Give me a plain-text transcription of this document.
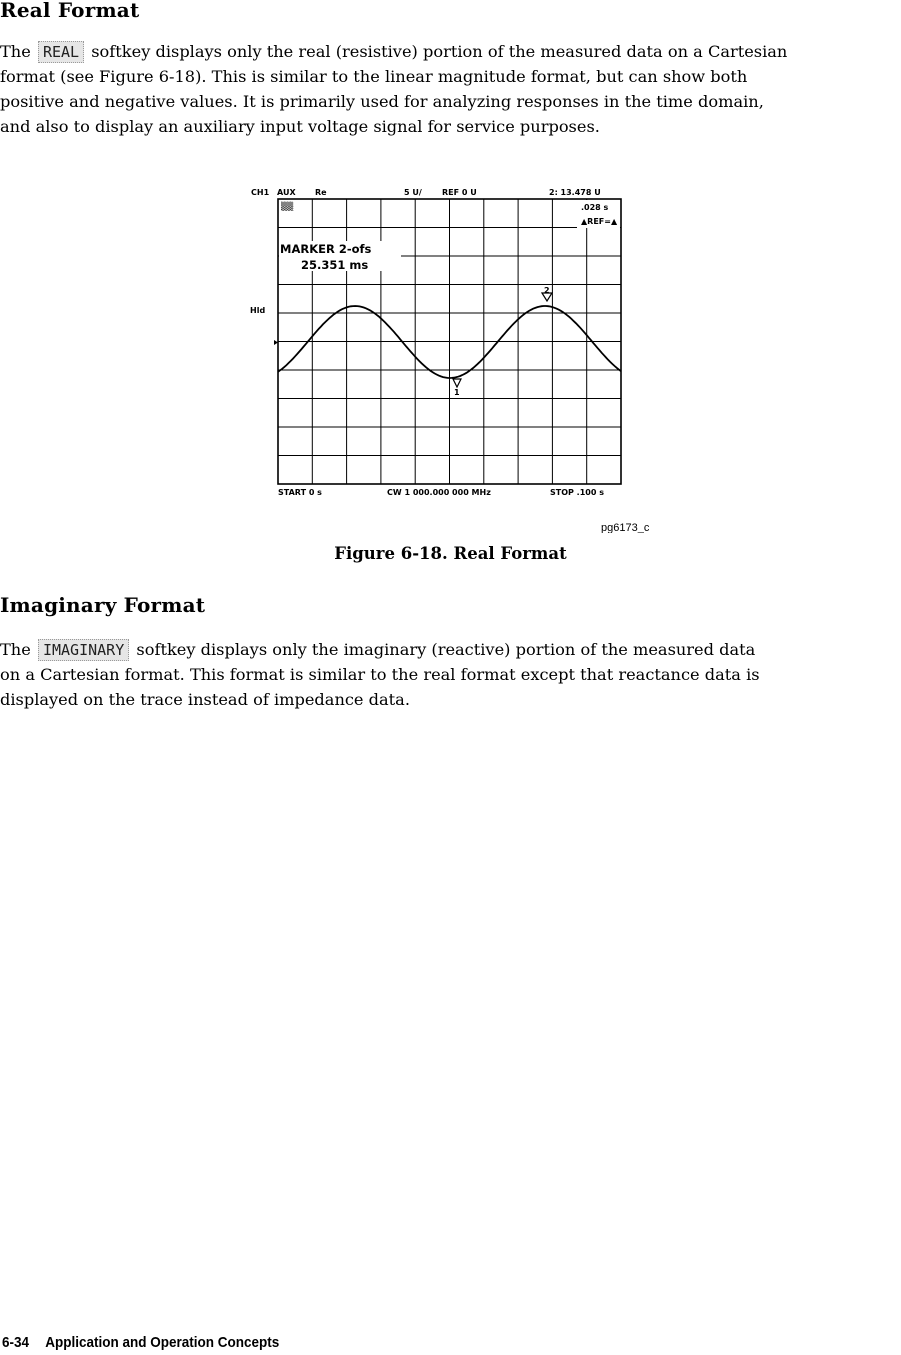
Real Format

The REAL softkey displays only the real (resistive) portion of the measured data on a Cartesian

format (see Figure 6-18). This is similar to the linear magnitude format, but can show both

positive and negative values. It is primarily used for analyzing responses in the time domain,

and also to display an auxiliary input voltage signal for service purposes.

CH1 AUX Re	5 U/	REF 0 U	2: 13.478 U
▒▒	.028 s
▲REF=▲
Hld
MARKER 2-ofs
25.351 ms
1
2
START 0 s	CW 1 000.000 000 MHz	STOP .100 s
pg6173_c

Figure 6-18. Real Format

Imaginary Format

The IMAGINARY softkey displays only the imaginary (reactive) portion of the measured data

on a Cartesian format. This format is similar to the real format except that reactance data is

displayed on the trace instead of impedance data.

6-34 Application and Operation Concepts
